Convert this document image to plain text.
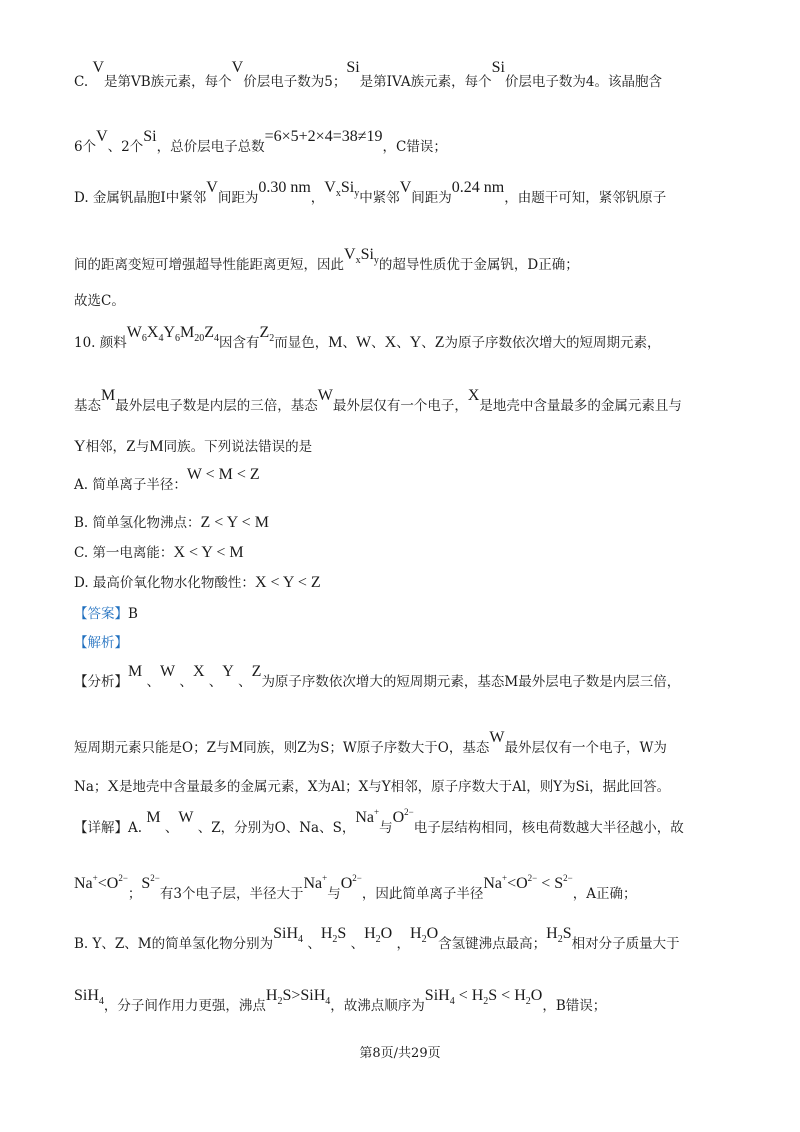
C. V是第VB族元素，每个V价层电子数为5；Si是第IVA族元素，每个Si价层电子数为4。该晶胞含
6个V、2个Si，总价层电子总数=6×5+2×4=38≠19，C错误；
D. 金属钒晶胞I中紧邻V间距为0.30 nm，$V_xSi_y$中紧邻V间距为0.24 nm，由题干可知，紧邻钒原子
间的距离变短可增强超导性能距离更短，因此$V_xSi_y$的超导性质优于金属钒，D正确；
故选C。
10. 颜料$W_6X_4Y_6M_{20}Z_4$因含有$Z_2$而显色，M、W、X、Y、Z为原子序数依次增大的短周期元素，
基态M最外层电子数是内层的三倍，基态W最外层仅有一个电子，X是地壳中含量最多的金属元素且与
Y相邻，Z与M同族。下列说法错误的是
A. 简单离子半径：W < M < Z
B. 简单氢化物沸点：Z < Y < M
C. 第一电离能：X < Y < M
D. 最高价氧化物水化物酸性：X < Y < Z
【答案】B
【解析】
【分析】M 、W 、X 、Y 、Z为原子序数依次增大的短周期元素，基态M最外层电子数是内层三倍，
短周期元素只能是O；Z与M同族，则Z为S；W原子序数大于O，基态W最外层仅有一个电子，W为
Na；X是地壳中含量最多的金属元素，X为Al；X与Y相邻，原子序数大于Al，则Y为Si，据此回答。
【详解】A. M 、W 、Z，分别为O、Na、S，Na+与$O^{2-}$电子层结构相同，核电荷数越大半径越小，故
$Na^+<O^{2-}$；$S^{2-}$有3个电子层，半径大于Na+与$O^{2-}$，因此简单离子半径$Na^+<O^{2-} < S^{2-}$，A正确；
B. Y、Z、M的简单氢化物分别为SiH$_4$ 、$H_2S$ 、$H_2O$ ，$H_2O$含氢键沸点最高；$H_2S$相对分子质量大于
SiH$_4$，分子间作用力更强，沸点$H_2S>SiH_4$，故沸点顺序为$SiH_4 < H_2S < H_2O$，B错误；
第8页/共29页
